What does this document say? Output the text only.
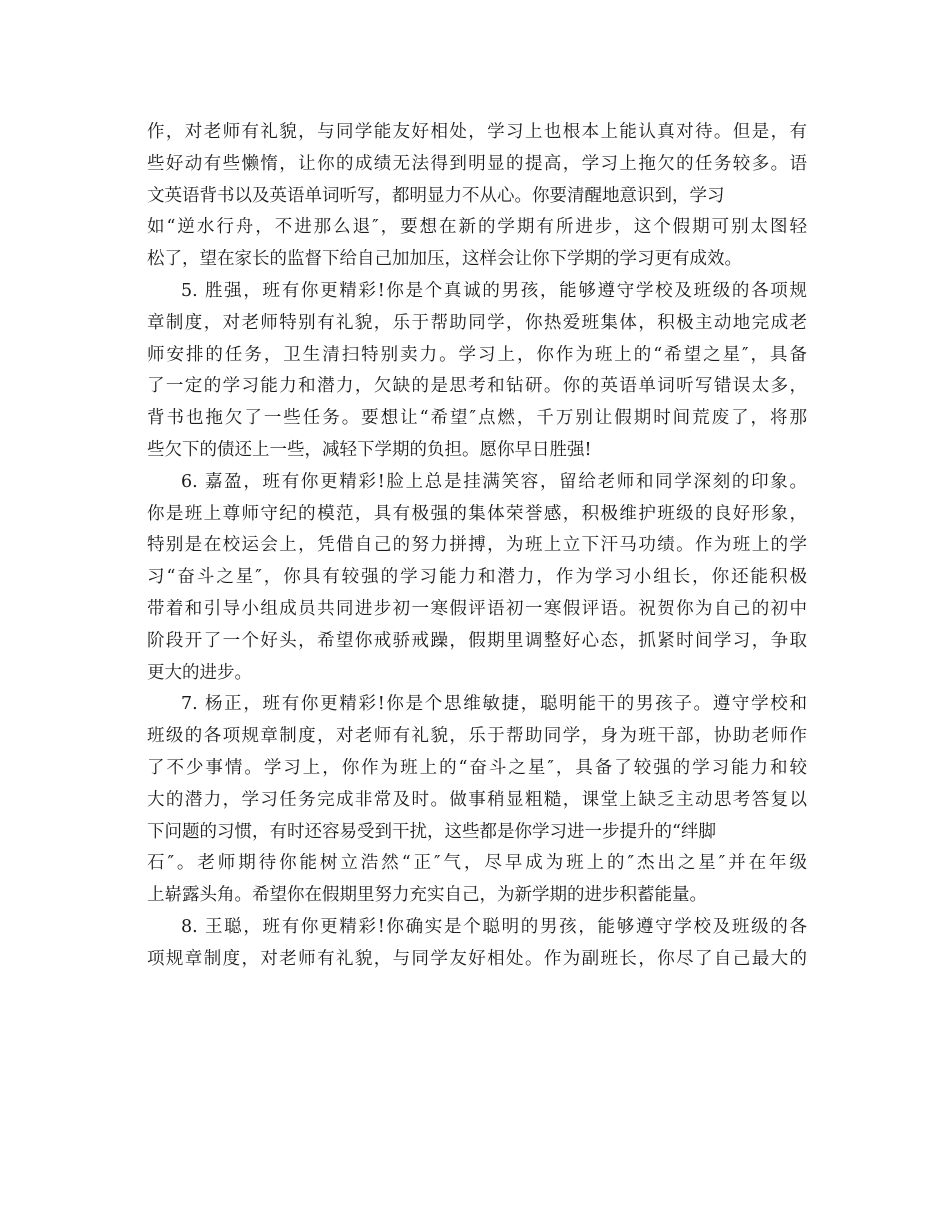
作，对老师有礼貌，与同学能友好相处，学习上也根本上能认真对待。但是，有
些好动有些懒惰，让你的成绩无法得到明显的提高，学习上拖欠的任务较多。语
文英语背书以及英语单词听写，都明显力不从心。你要清醒地意识到，学习
如“逆水行舟，不进那么退″，要想在新的学期有所进步，这个假期可别太图轻
松了，望在家长的监督下给自己加加压，这样会让你下学期的学习更有成效。
5. 胜强，班有你更精彩!你是个真诚的男孩，能够遵守学校及班级的各项规
章制度，对老师特别有礼貌，乐于帮助同学，你热爱班集体，积极主动地完成老
师安排的任务，卫生清扫特别卖力。学习上，你作为班上的“希望之星″，具备
了一定的学习能力和潜力，欠缺的是思考和钻研。你的英语单词听写错误太多，
背书也拖欠了一些任务。要想让“希望″点燃，千万别让假期时间荒废了，将那
些欠下的债还上一些，减轻下学期的负担。愿你早日胜强!
6. 嘉盈，班有你更精彩!脸上总是挂满笑容，留给老师和同学深刻的印象。
你是班上尊师守纪的模范，具有极强的集体荣誉感，积极维护班级的良好形象，
特别是在校运会上，凭借自己的努力拼搏，为班上立下汗马功绩。作为班上的学
习“奋斗之星″，你具有较强的学习能力和潜力，作为学习小组长，你还能积极
带着和引导小组成员共同进步初一寒假评语初一寒假评语。祝贺你为自己的初中
阶段开了一个好头，希望你戒骄戒躁，假期里调整好心态，抓紧时间学习，争取
更大的进步。
7. 杨正，班有你更精彩!你是个思维敏捷，聪明能干的男孩子。遵守学校和
班级的各项规章制度，对老师有礼貌，乐于帮助同学，身为班干部，协助老师作
了不少事情。学习上，你作为班上的“奋斗之星″，具备了较强的学习能力和较
大的潜力，学习任务完成非常及时。做事稍显粗糙，课堂上缺乏主动思考答复以
下问题的习惯，有时还容易受到干扰，这些都是你学习进一步提升的“绊脚
石″。老师期待你能树立浩然“正″气，尽早成为班上的″杰出之星″并在年级
上崭露头角。希望你在假期里努力充实自己，为新学期的进步积蓄能量。
8. 王聪，班有你更精彩!你确实是个聪明的男孩，能够遵守学校及班级的各
项规章制度，对老师有礼貌，与同学友好相处。作为副班长，你尽了自己最大的
